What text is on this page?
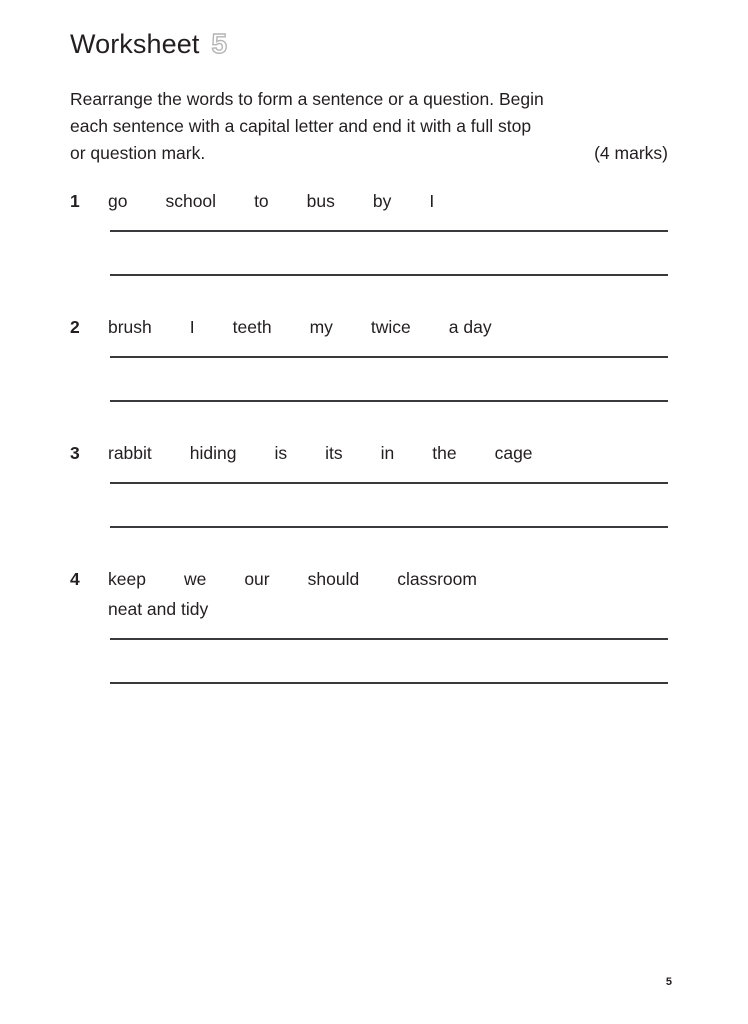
Worksheet 5
Rearrange the words to form a sentence or a question. Begin
each sentence with a capital letter and end it with a full stop
or question mark.	(4 marks)
1 go school to bus by I
2 brush I teeth my twice a day
3 rabbit hiding is its in the cage
4 keep we our should classroom
neat and tidy
5
